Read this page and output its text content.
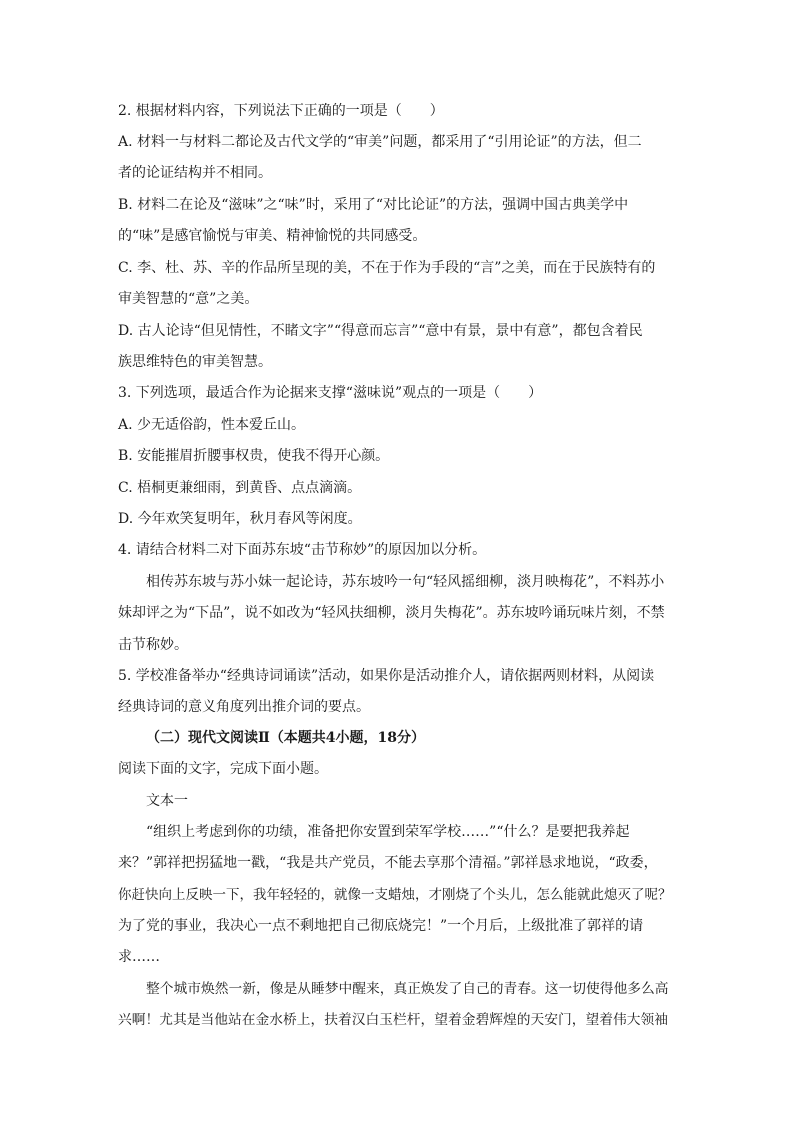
2. 根据材料内容，下列说法下正确的一项是（　　）
A. 材料一与材料二都论及古代文学的“审美”问题，都采用了“引用论证”的方法，但二
者的论证结构并不相同。
B. 材料二在论及“滋味”之“味”时，采用了“对比论证”的方法，强调中国古典美学中
的“味”是感官愉悦与审美、精神愉悦的共同感受。
C. 李、杜、苏、辛的作品所呈现的美，不在于作为手段的“言”之美，而在于民族特有的
审美智慧的“意”之美。
D. 古人论诗“但见情性，不睹文字”“得意而忘言”“意中有景，景中有意”，都包含着民
族思维特色的审美智慧。
3. 下列选项，最适合作为论据来支撑“滋味说”观点的一项是（　　）
A. 少无适俗韵，性本爱丘山。
B. 安能摧眉折腰事权贵，使我不得开心颜。
C. 梧桐更兼细雨，到黄昏、点点滴滴。
D. 今年欢笑复明年，秋月春风等闲度。
4. 请结合材料二对下面苏东坡“击节称妙”的原因加以分析。
相传苏东坡与苏小妹一起论诗，苏东坡吟一句“轻风摇细柳，淡月映梅花”，不料苏小
妹却评之为“下品”，说不如改为“轻风扶细柳，淡月失梅花”。苏东坡吟诵玩味片刻，不禁
击节称妙。
5. 学校准备举办“经典诗词诵读”活动，如果你是活动推介人，请依据两则材料，从阅读
经典诗词的意义角度列出推介词的要点。
（二）现代文阅读Ⅱ（本题共4小题，18分）
阅读下面的文字，完成下面小题。
文本一
“组织上考虑到你的功绩，准备把你安置到荣军学校……”“什么？是要把我养起
来？”郭祥把拐猛地一戳，“我是共产党员，不能去享那个清福。”郭祥恳求地说，“政委，
你赶快向上反映一下，我年轻轻的，就像一支蜡烛，才刚烧了个头儿，怎么能就此熄灭了呢？
为了党的事业，我决心一点不剩地把自己彻底烧完！”一个月后，上级批准了郭祥的请
求……
整个城市焕然一新，像是从睡梦中醒来，真正焕发了自己的青春。这一切使得他多么高
兴啊！尤其是当他站在金水桥上，扶着汉白玉栏杆，望着金碧辉煌的天安门，望着伟大领袖
